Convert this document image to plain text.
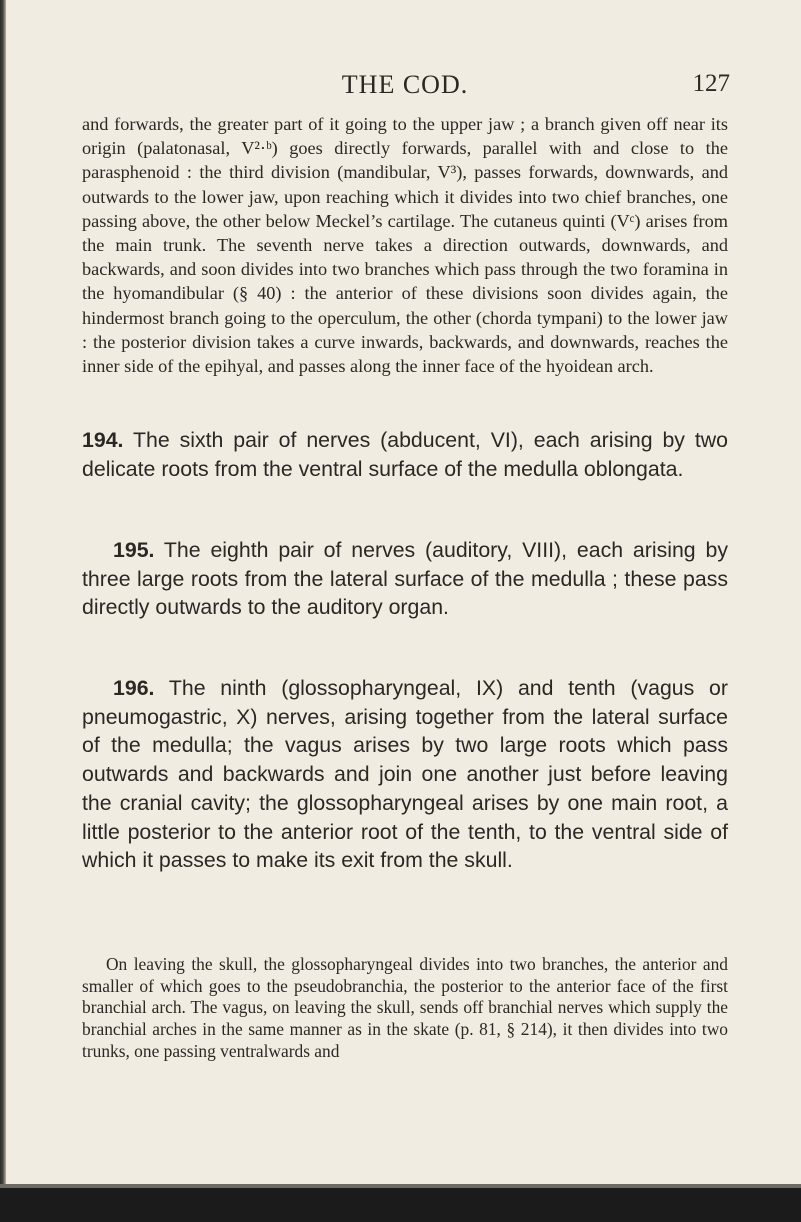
THE COD.	127

and forwards, the greater part of it going to the upper jaw ; a branch given off near its origin (palatonasal, V²·ᵇ) goes directly forwards, parallel with and close to the parasphenoid : the third division (mandibular, V³), passes forwards, downwards, and outwards to the lower jaw, upon reaching which it divides into two chief branches, one passing above, the other below Meckel’s cartilage. The cutaneus quinti (Vᶜ) arises from the main trunk. The seventh nerve takes a direction outwards, downwards, and backwards, and soon divides into two branches which pass through the two foramina in the hyomandibular (§ 40) : the anterior of these divisions soon divides again, the hindermost branch going to the operculum, the other (chorda tympani) to the lower jaw : the posterior division takes a curve inwards, backwards, and downwards, reaches the inner side of the epihyal, and passes along the inner face of the hyoidean arch.

194. The sixth pair of nerves (abducent, VI), each arising by two delicate roots from the ventral surface of the medulla oblongata.

195. The eighth pair of nerves (auditory, VIII), each arising by three large roots from the lateral surface of the medulla ; these pass directly outwards to the auditory organ.

196. The ninth (glossopharyngeal, IX) and tenth (vagus or pneumogastric, X) nerves, arising together from the lateral surface of the medulla; the vagus arises by two large roots which pass outwards and backwards and join one another just before leaving the cranial cavity; the glossopharyngeal arises by one main root, a little posterior to the anterior root of the tenth, to the ventral side of which it passes to make its exit from the skull.

On leaving the skull, the glossopharyngeal divides into two branches, the anterior and smaller of which goes to the pseudobranchia, the posterior to the anterior face of the first branchial arch. The vagus, on leaving the skull, sends off branchial nerves which supply the branchial arches in the same manner as in the skate (p. 81, § 214), it then divides into two trunks, one passing ventralwards and
